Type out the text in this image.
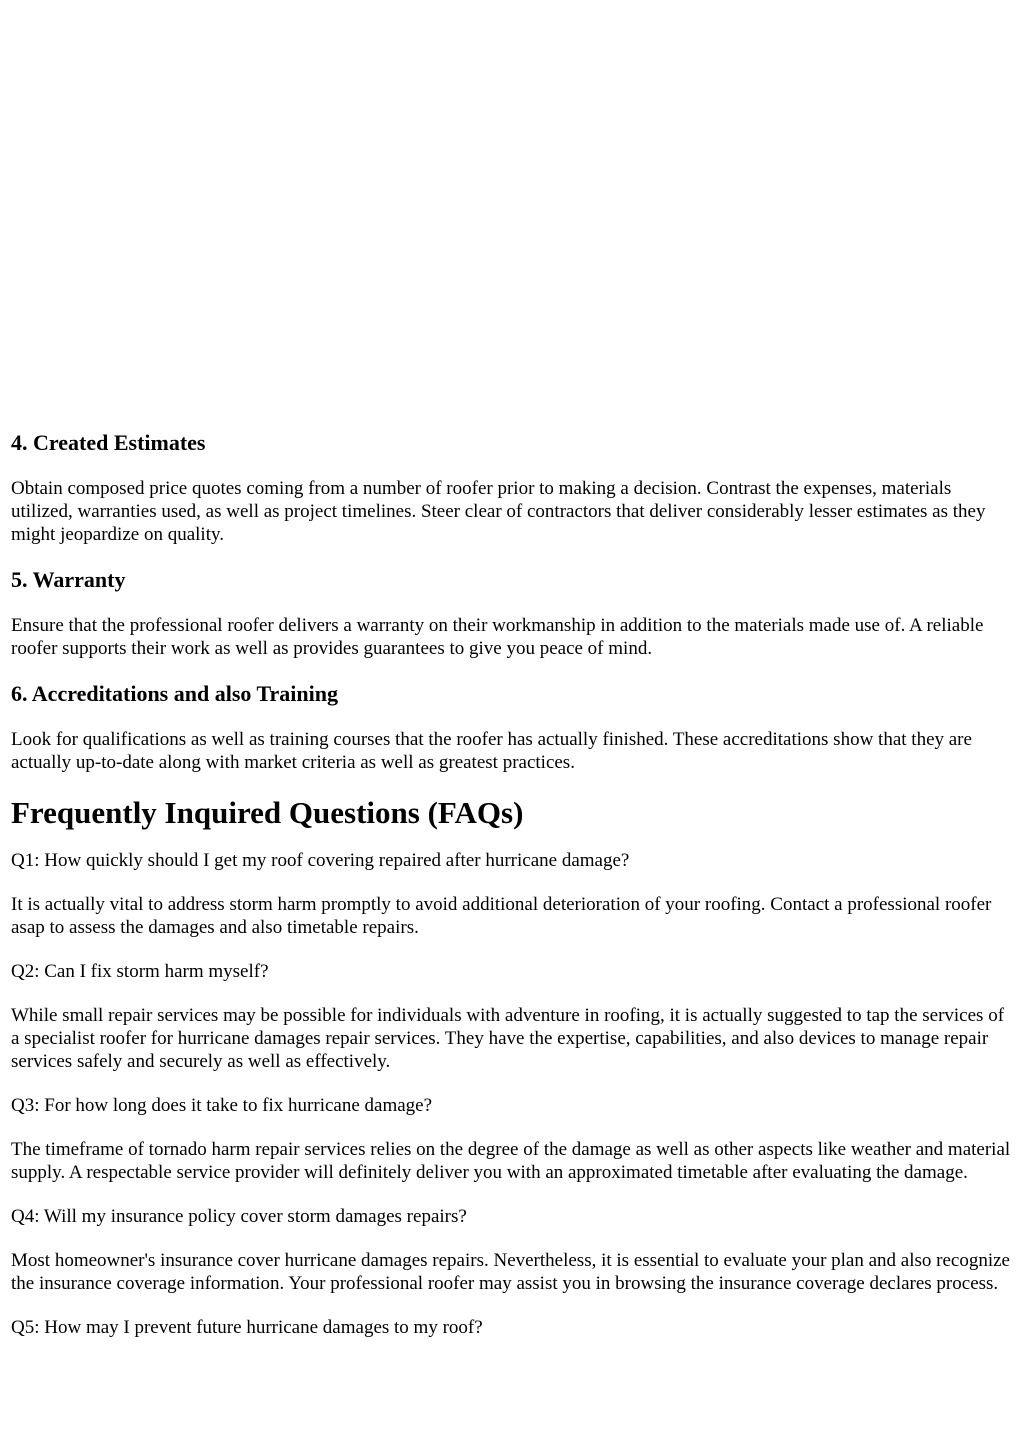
4. Created Estimates

Obtain composed price quotes coming from a number of roofer prior to making a decision. Contrast the expenses, materials utilized, warranties used, as well as project timelines. Steer clear of contractors that deliver considerably lesser estimates as they might jeopardize on quality.

5. Warranty

Ensure that the professional roofer delivers a warranty on their workmanship in addition to the materials made use of. A reliable roofer supports their work as well as provides guarantees to give you peace of mind.

6. Accreditations and also Training

Look for qualifications as well as training courses that the roofer has actually finished. These accreditations show that they are actually up-to-date along with market criteria as well as greatest practices.

Frequently Inquired Questions (FAQs)

Q1: How quickly should I get my roof covering repaired after hurricane damage?

It is actually vital to address storm harm promptly to avoid additional deterioration of your roofing. Contact a professional roofer asap to assess the damages and also timetable repairs.

Q2: Can I fix storm harm myself?

While small repair services may be possible for individuals with adventure in roofing, it is actually suggested to tap the services of a specialist roofer for hurricane damages repair services. They have the expertise, capabilities, and also devices to manage repair services safely and securely as well as effectively.

Q3: For how long does it take to fix hurricane damage?

The timeframe of tornado harm repair services relies on the degree of the damage as well as other aspects like weather and material supply. A respectable service provider will definitely deliver you with an approximated timetable after evaluating the damage.

Q4: Will my insurance policy cover storm damages repairs?

Most homeowner's insurance cover hurricane damages repairs. Nevertheless, it is essential to evaluate your plan and also recognize the insurance coverage information. Your professional roofer may assist you in browsing the insurance coverage declares process.

Q5: How may I prevent future hurricane damages to my roof?
